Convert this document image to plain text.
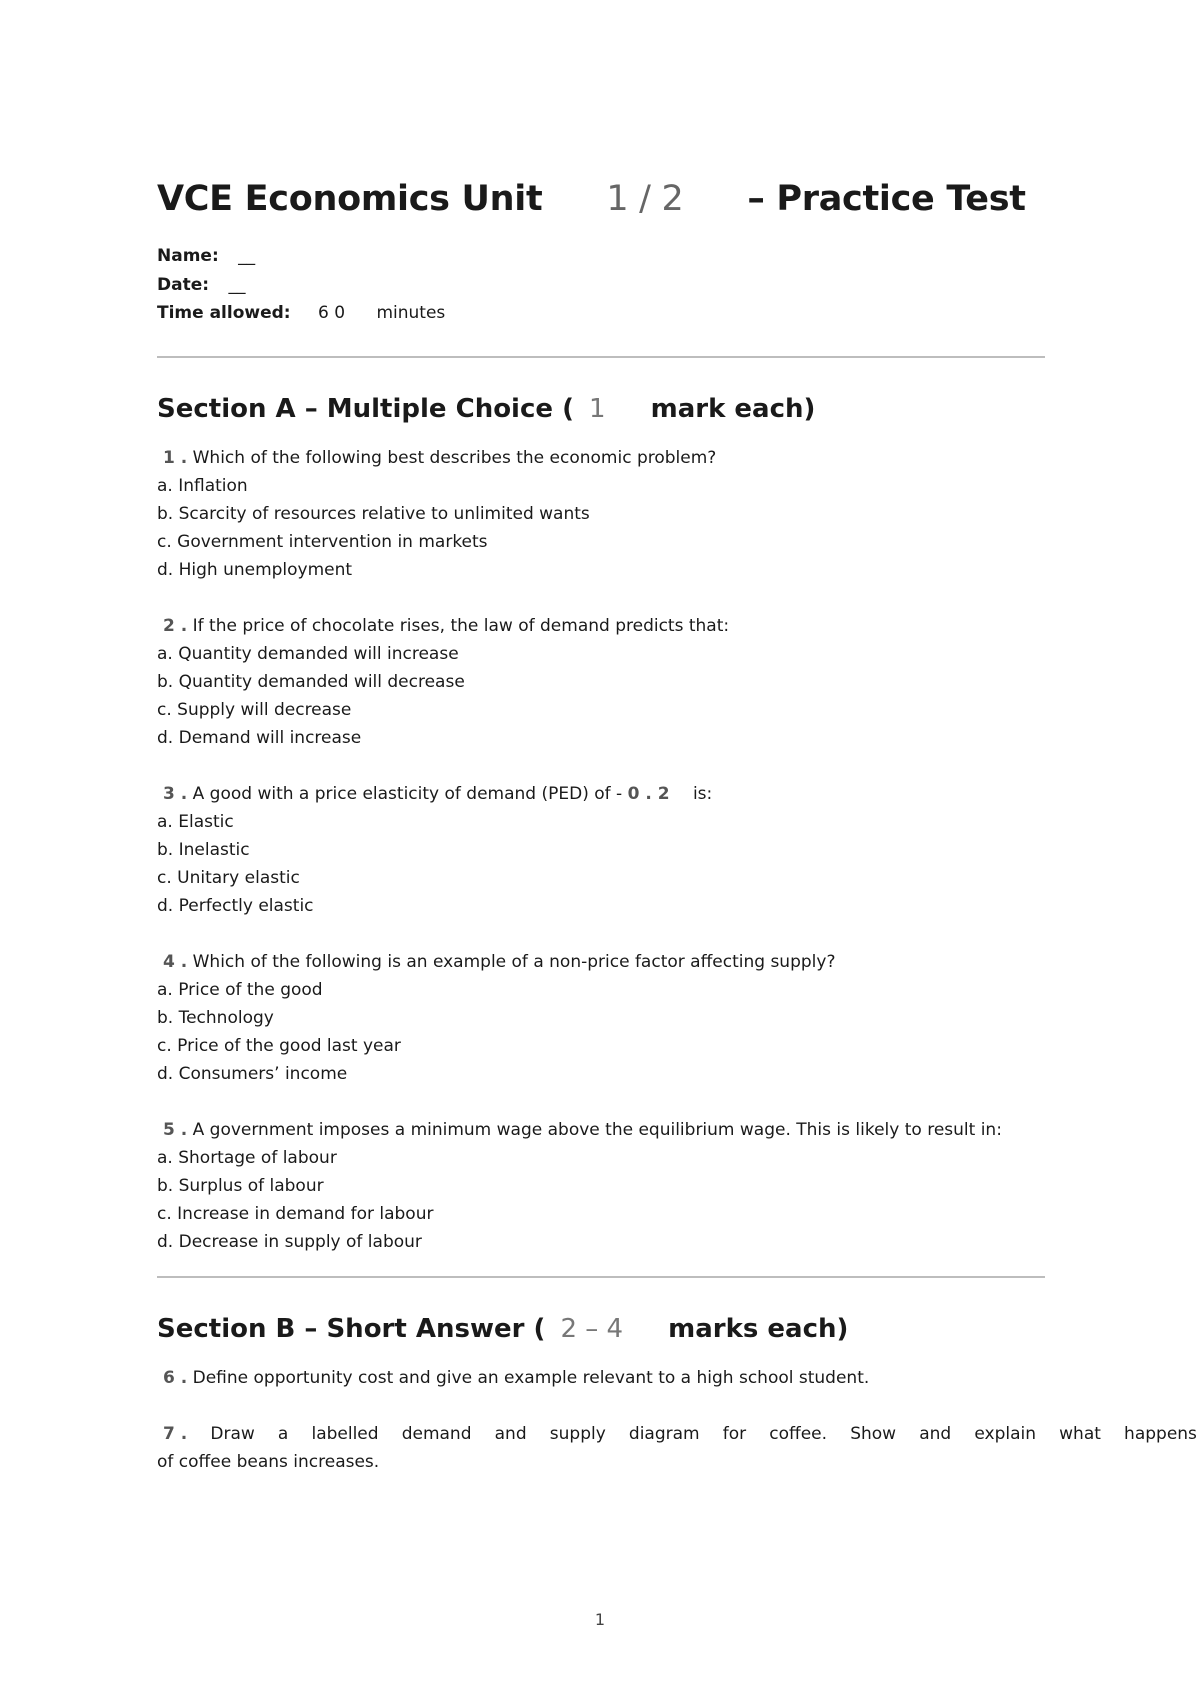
VCE Economics Unit 1 / 2 – Practice Test
Name: __
Date: __
Time allowed: 6 0 minutes
Section A – Multiple Choice ( 1 mark each)
1 . Which of the following best describes the economic problem?
a. Inflation
b. Scarcity of resources relative to unlimited wants
c. Government intervention in markets
d. High unemployment
2 . If the price of chocolate rises, the law of demand predicts that:
a. Quantity demanded will increase
b. Quantity demanded will decrease
c. Supply will decrease
d. Demand will increase
3 . A good with a price elasticity of demand (PED) of - 0 . 2 is:
a. Elastic
b. Inelastic
c. Unitary elastic
d. Perfectly elastic
4 . Which of the following is an example of a non-price factor affecting supply?
a. Price of the good
b. Technology
c. Price of the good last year
d. Consumers’ income
5 . A government imposes a minimum wage above the equilibrium wage. This is likely to result in:
a. Shortage of labour
b. Surplus of labour
c. Increase in demand for labour
d. Decrease in supply of labour
Section B – Short Answer ( 2 – 4 marks each)
6 . Define opportunity cost and give an example relevant to a high school student.
7 . Draw a labelled demand and supply diagram for coffee. Show and explain what happens
of coffee beans increases.
1
